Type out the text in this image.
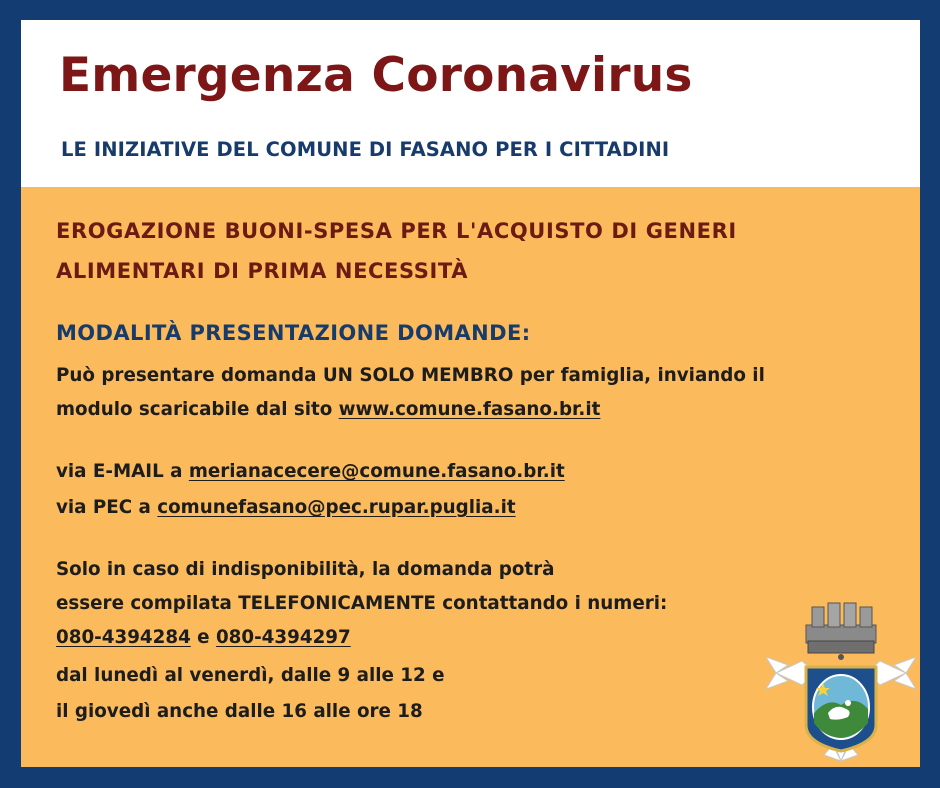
Emergenza Coronavirus
LE INIZIATIVE DEL COMUNE DI FASANO PER I CITTADINI
EROGAZIONE BUONI-SPESA PER L'ACQUISTO DI GENERI
ALIMENTARI DI PRIMA NECESSITÀ
MODALITÀ PRESENTAZIONE DOMANDE:
Può presentare domanda UN SOLO MEMBRO per famiglia, inviando il
modulo scaricabile dal sito www.comune.fasano.br.it
via E-MAIL a merianacecere@comune.fasano.br.it
via PEC a comunefasano@pec.rupar.puglia.it
Solo in caso di indisponibilità, la domanda potrà
essere compilata TELEFONICAMENTE contattando i numeri:
080-4394284 e 080-4394297
dal lunedì al venerdì, dalle 9 alle 12 e
il giovedì anche dalle 16 alle ore 18
